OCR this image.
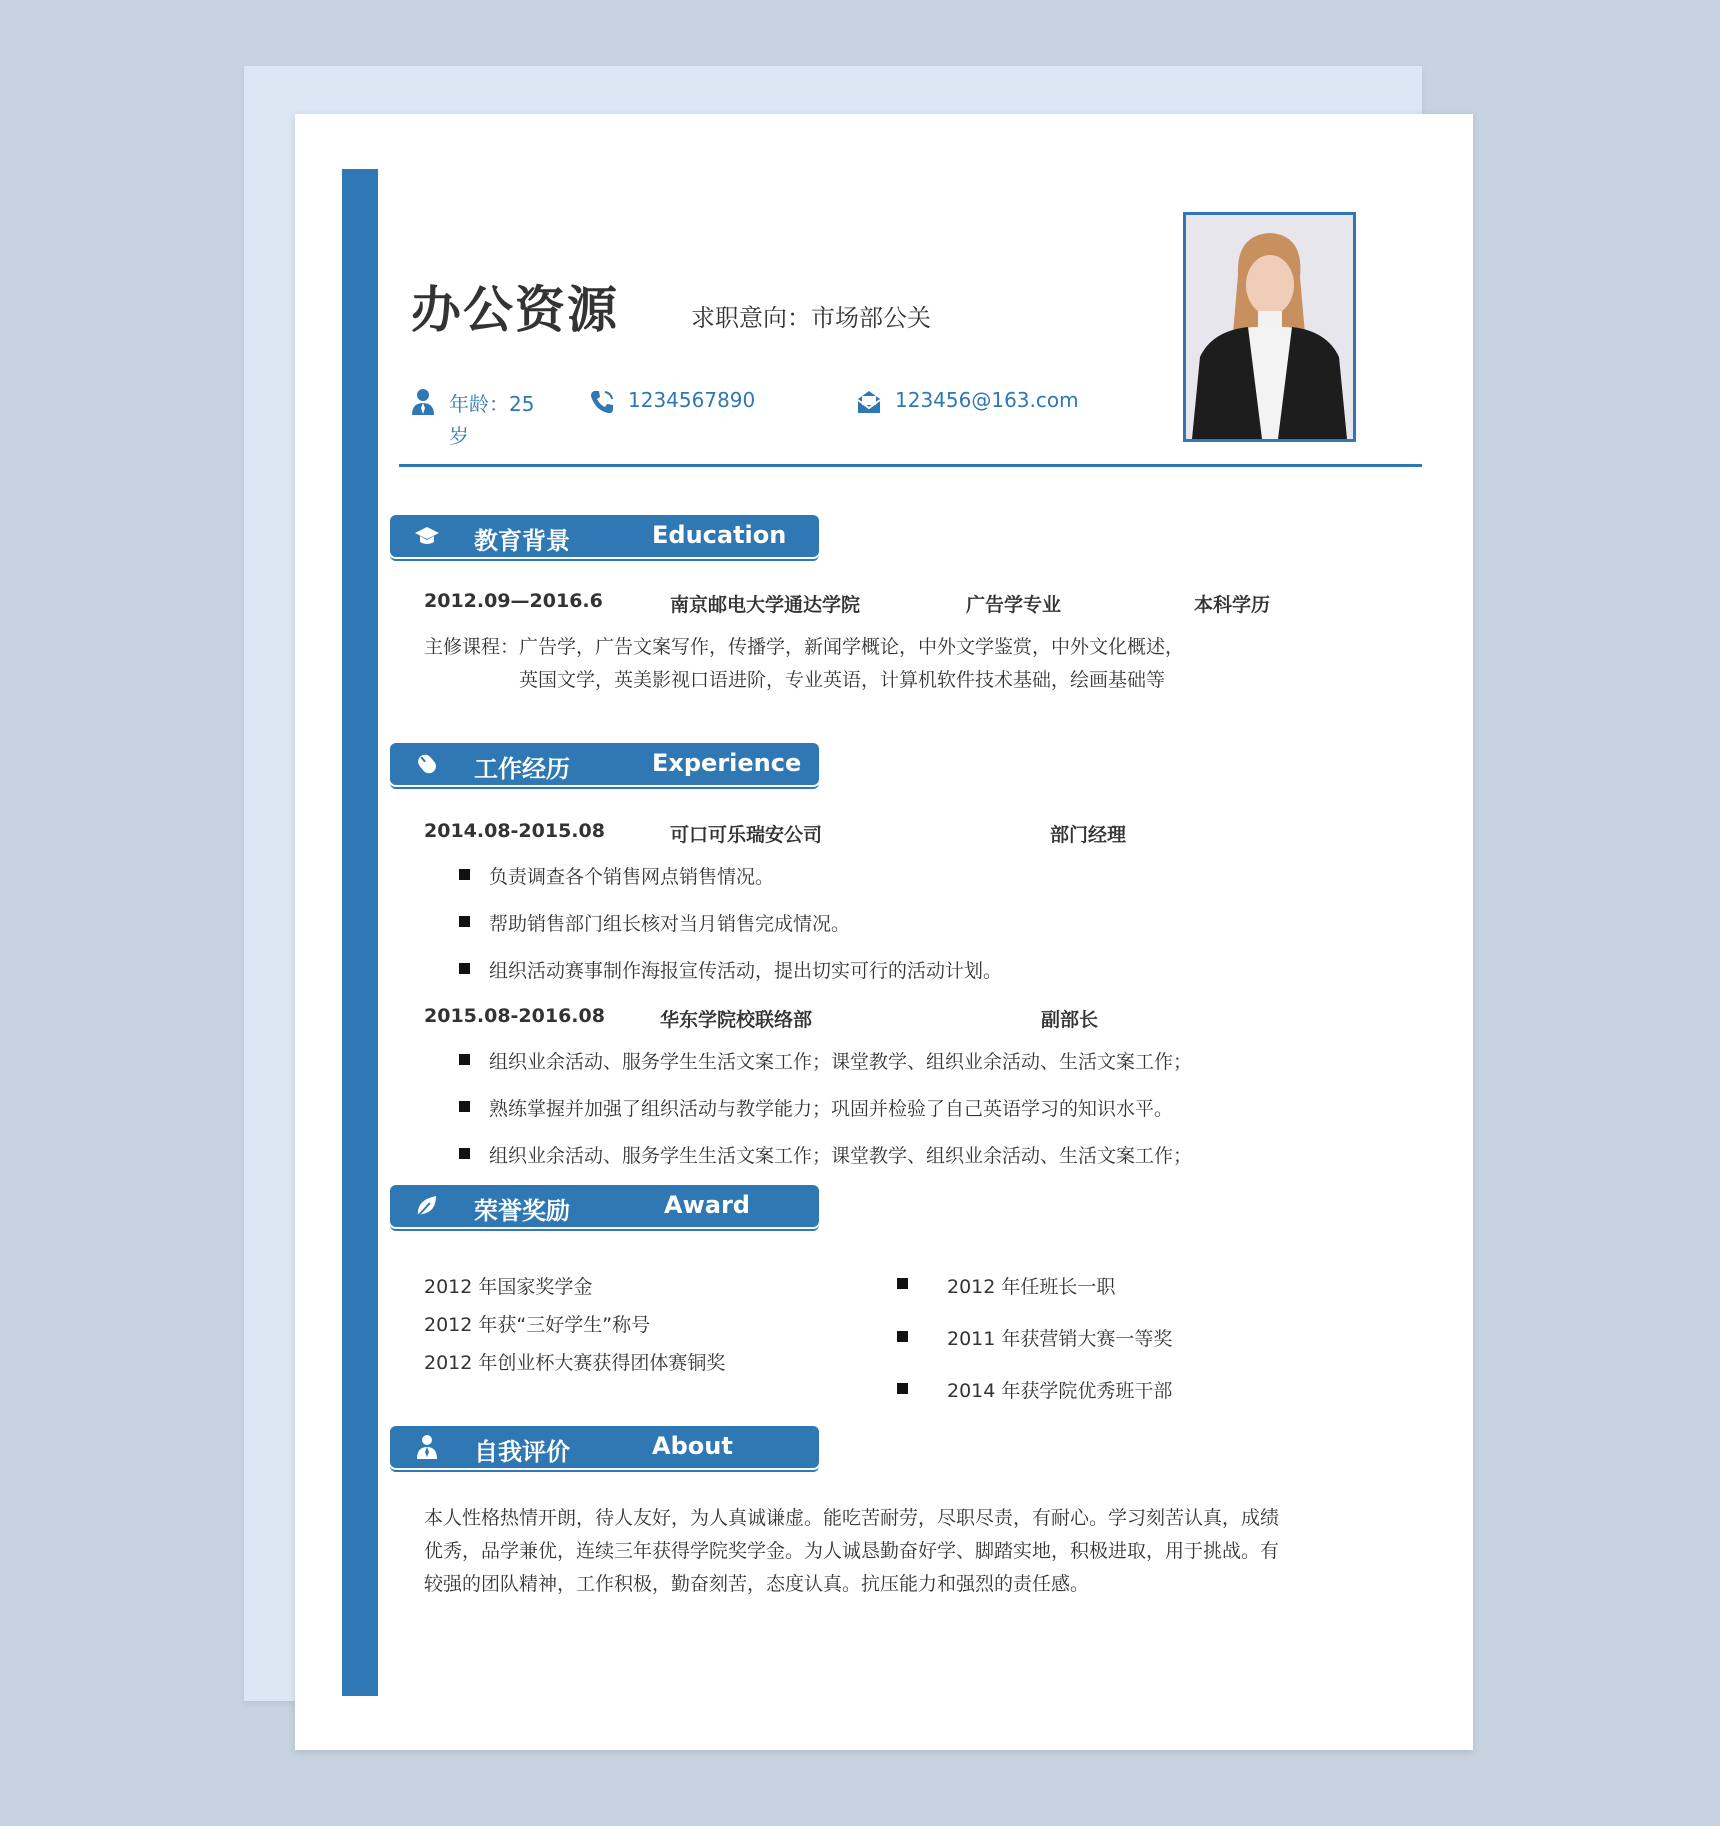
办公资源	求职意向：市场部公关
年龄：25岁
1234567890	123456@163.com
教育背景	Education
2012.09—2016.6	南京邮电大学通达学院	广告学专业	本科学历
主修课程：广告学，广告文案写作，传播学，新闻学概论，中外文学鉴赏，中外文化概述，
英国文学，英美影视口语进阶，专业英语，计算机软件技术基础，绘画基础等
工作经历	Experience
2014.08-2015.08	可口可乐瑞安公司	部门经理
负责调查各个销售网点销售情况。
帮助销售部门组长核对当月销售完成情况。
组织活动赛事制作海报宣传活动，提出切实可行的活动计划。
2015.08-2016.08	华东学院校联络部	副部长
组织业余活动、服务学生生活文案工作；课堂教学、组织业余活动、生活文案工作；
熟练掌握并加强了组织活动与教学能力；巩固并检验了自己英语学习的知识水平。
组织业余活动、服务学生生活文案工作；课堂教学、组织业余活动、生活文案工作；
荣誉奖励	Award
2012 年国家奖学金
2012 年获“三好学生”称号
2012 年创业杯大赛获得团体赛铜奖
2012 年任班长一职
2011 年获营销大赛一等奖
2014 年获学院优秀班干部
自我评价	About
本人性格热情开朗，待人友好，为人真诚谦虚。能吃苦耐劳，尽职尽责，有耐心。学习刻苦认真，成绩
优秀，品学兼优，连续三年获得学院奖学金。为人诚恳勤奋好学、脚踏实地，积极进取，用于挑战。有
较强的团队精神，工作积极，勤奋刻苦，态度认真。抗压能力和强烈的责任感。
